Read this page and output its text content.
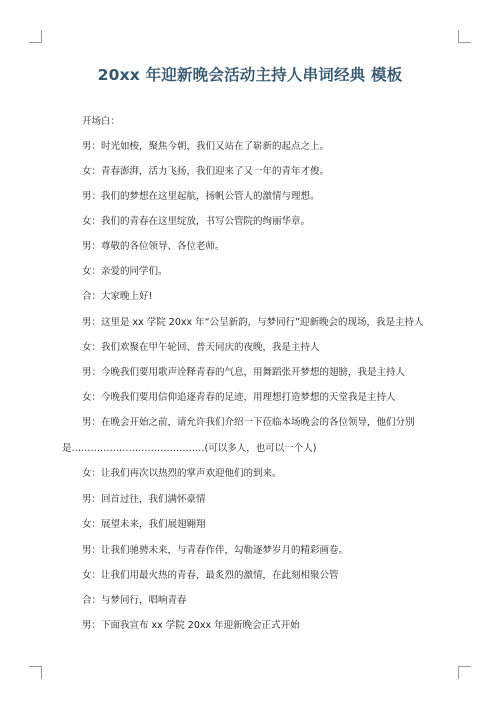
20xx 年迎新晚会活动主持人串词经典 模板
开场白：
男：时光如梭，聚焦今朝，我们又站在了崭新的起点之上。
女：青春澎湃，活力飞扬，我们迎来了又一年的青年才俊。
男：我们的梦想在这里起航，扬帆公管人的激情与理想。
女：我们的青春在这里绽放，书写公管院的绚丽华章。
男：尊敬的各位领导、各位老师。
女：亲爱的同学们。
合：大家晚上好!
男：这里是 xx 学院 20xx 年“公呈新韵，与梦同行”迎新晚会的现场，我是主持人
女：我们欢聚在甲午轮回、普天同庆的夜晚，我是主持人
男：今晚我们要用歌声诠释青春的气息，用舞蹈张开梦想的翅膀，我是主持人
女：今晚我们要用信仰追逐青春的足迹，用理想打造梦想的天堂我是主持人
男：在晚会开始之前，请允许我们介绍一下莅临本场晚会的各位领导，他们分别
是……………………………………(可以多人，也可以一个人)
女：让我们再次以热烈的掌声欢迎他们的到来。
男：回首过往，我们满怀豪情
女：展望未来，我们展翅翱翔
男：让我们驰骋未来，与青春作伴，勾勒逐梦岁月的精彩画卷。
女：让我们用最火热的青春，最炙烈的激情，在此刻相聚公管
合：与梦同行，唱响青春
男：下面我宣布 xx 学院 20xx 年迎新晚会正式开始
